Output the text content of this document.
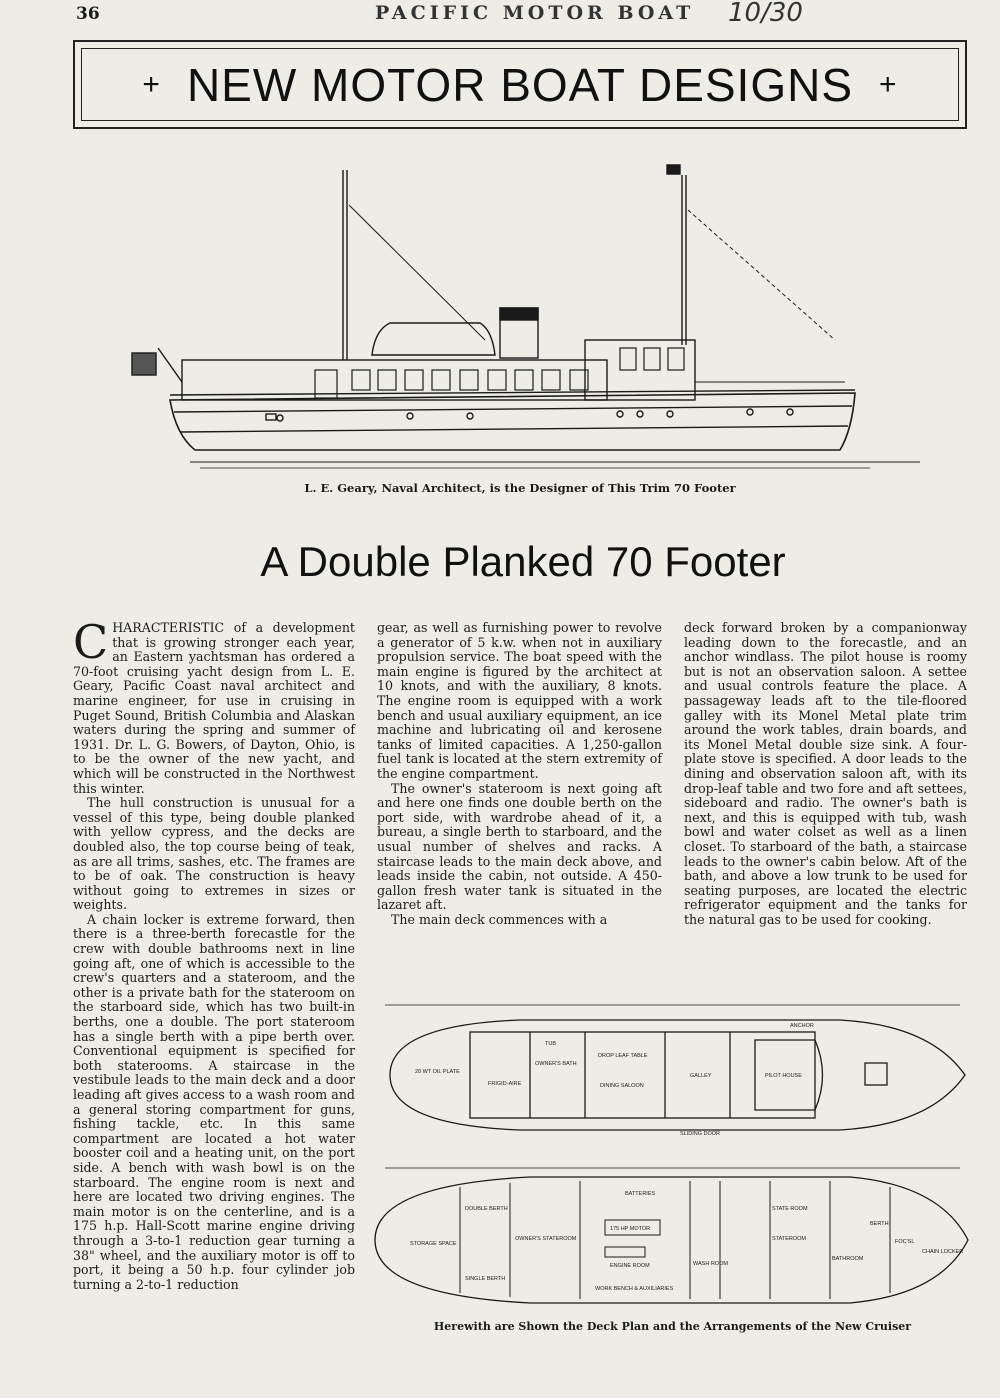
36	PACIFIC MOTOR BOAT 10/30
+ NEW MOTOR BOAT DESIGNS +
L. E. Geary, Naval Architect, is the Designer of This Trim 70 Footer
A Double Planked 70 Footer

CHARACTERISTIC of a development that is growing stronger each year, an Eastern yachtsman has ordered a 70-foot cruising yacht design from L. E. Geary, Pacific Coast naval architect and marine engineer, for use in cruising in Puget Sound, British Columbia and Alaskan waters during the spring and summer of 1931. Dr. L. G. Bowers, of Dayton, Ohio, is to be the owner of the new yacht, and which will be constructed in the Northwest this winter.

The hull construction is unusual for a vessel of this type, being double planked with yellow cypress, and the decks are doubled also, the top course being of teak, as are all trims, sashes, etc. The frames are to be of oak. The construction is heavy without going to extremes in sizes or weights.

A chain locker is extreme forward, then there is a three-berth forecastle for the crew with double bathrooms next in line going aft, one of which is accessible to the crew's quarters and a stateroom, and the other is a private bath for the stateroom on the starboard side, which has two built-in berths, one a double. The port stateroom has a single berth with a pipe berth over. Conventional equipment is specified for both staterooms. A staircase in the vestibule leads to the main deck and a door leading aft gives access to a wash room and a general storing compartment for guns, fishing tackle, etc. In this same compartment are located a hot water booster coil and a heating unit, on the port side. A bench with wash bowl is on the starboard. The engine room is next and here are located two driving engines. The main motor is on the centerline, and is a 175 h.p. Hall-Scott marine engine driving through a 3-to-1 reduction gear turning a 38" wheel, and the auxiliary motor is off to port, it being a 50 h.p. four cylinder job turning a 2-to-1 reduction

gear, as well as furnishing power to revolve a generator of 5 k.w. when not in auxiliary propulsion service. The boat speed with the main engine is figured by the architect at 10 knots, and with the auxiliary, 8 knots. The engine room is equipped with a work bench and usual auxiliary equipment, an ice machine and lubricating oil and kerosene tanks of limited capacities. A 1,250-gallon fuel tank is located at the stern extremity of the engine compartment.

The owner's stateroom is next going aft and here one finds one double berth on the port side, with wardrobe ahead of it, a bureau, a single berth to starboard, and the usual number of shelves and racks. A staircase leads to the main deck above, and leads inside the cabin, not outside. A 450-gallon fresh water tank is situated in the lazaret aft.

The main deck commences with a

deck forward broken by a companionway leading down to the forecastle, and an anchor windlass. The pilot house is roomy but is not an observation saloon. A settee and usual controls feature the place. A passageway leads aft to the tile-floored galley with its Monel Metal plate trim around the work tables, drain boards, and its Monel Metal double size sink. A four-plate stove is specified. A door leads to the dining and observation saloon aft, with its drop-leaf table and two fore and aft settees, sideboard and radio. The owner's bath is next, and this is equipped with tub, wash bowl and water colset as well as a linen closet. To starboard of the bath, a staircase leads to the owner's cabin below. Aft of the bath, and above a low trunk to be used for seating purposes, are located the electric refrigerator equipment and the tanks for the natural gas to be used for cooking.

20 WT OIL PLATE
TUB
OWNER'S BATH
FRIGID-AIRE
DROP LEAF TABLE
DINING SALOON
GALLEY	PILOT HOUSE
SLIDING DOOR
ANCHOR
STORAGE SPACE
DOUBLE BERTH
OWNER'S STATEROOM
SINGLE BERTH
BATTERIES
175 HP MOTOR
ENGINE ROOM
WORK BENCH & AUXILIARIES
WASH ROOM
STATE ROOM
STATEROOM
BATHROOM
BERTH
FOC'SL
CHAIN LOCKER
Herewith are Shown the Deck Plan and the Arrangements of the New Cruiser
